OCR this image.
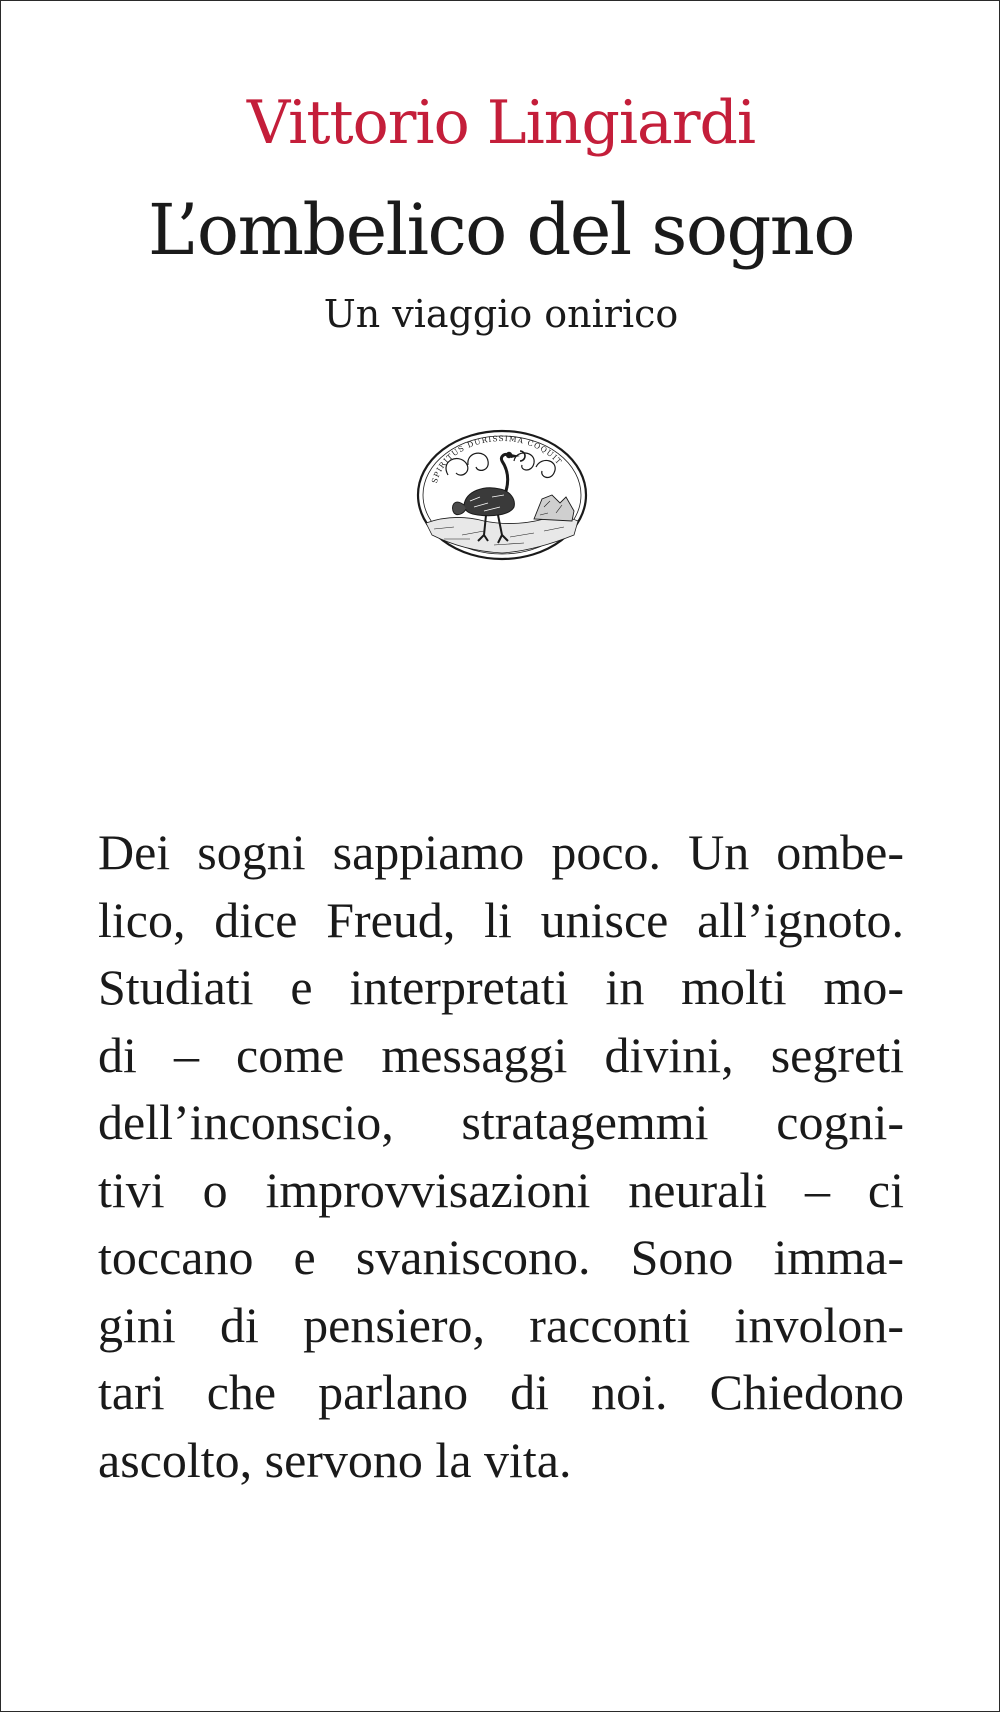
Vittorio Lingiardi
L’ombelico del sogno
Un viaggio onirico
SPIRITUS DURISSIMA COQUIT
Dei sogni sappiamo poco. Un ombe-
lico, dice Freud, li unisce all’ignoto.
Studiati e interpretati in molti mo-
di – come messaggi divini, segreti
dell’inconscio, stratagemmi cogni-
tivi o improvvisazioni neurali – ci
toccano e svaniscono. Sono imma-
gini di pensiero, racconti involon-
tari che parlano di noi. Chiedono
ascolto, servono la vita.
